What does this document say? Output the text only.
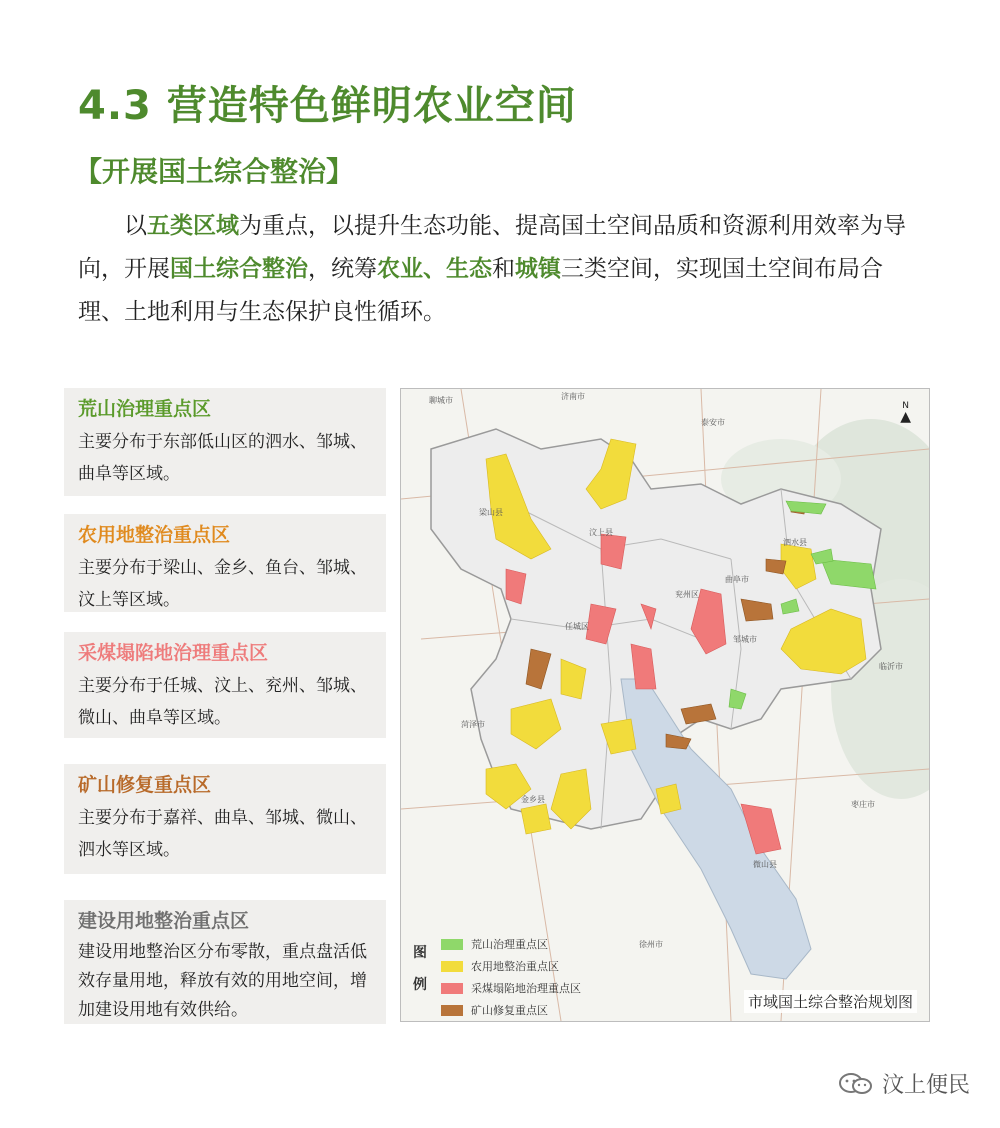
4.3 营造特色鲜明农业空间
【开展国土综合整治】
以五类区域为重点，以提升生态功能、提高国土空间品质和资源利用效率为导向，开展国土综合整治，统筹农业、生态和城镇三类空间，实现国土空间布局合理、土地利用与生态保护良性循环。
荒山治理重点区
主要分布于东部低山区的泗水、邹城、曲阜等区域。
农用地整治重点区
主要分布于梁山、金乡、鱼台、邹城、汶上等区域。
采煤塌陷地治理重点区
主要分布于任城、汶上、兖州、邹城、微山、曲阜等区域。
矿山修复重点区
主要分布于嘉祥、曲阜、邹城、微山、泗水等区域。
建设用地整治重点区
建设用地整治区分布零散，重点盘活低效存量用地，释放有效的用地空间，增加建设用地有效供给。
N
▲
聊城市	济南市
泰安市
菏泽市
临沂市
枣庄市
徐州市
微山县
金乡县
梁山县
汶上县
泗水县
兖州区
曲阜市
邹城市
任城区
图例
荒山治理重点区
农用地整治重点区
采煤塌陷地治理重点区
矿山修复重点区	市域国土综合整治规划图
汶上便民
